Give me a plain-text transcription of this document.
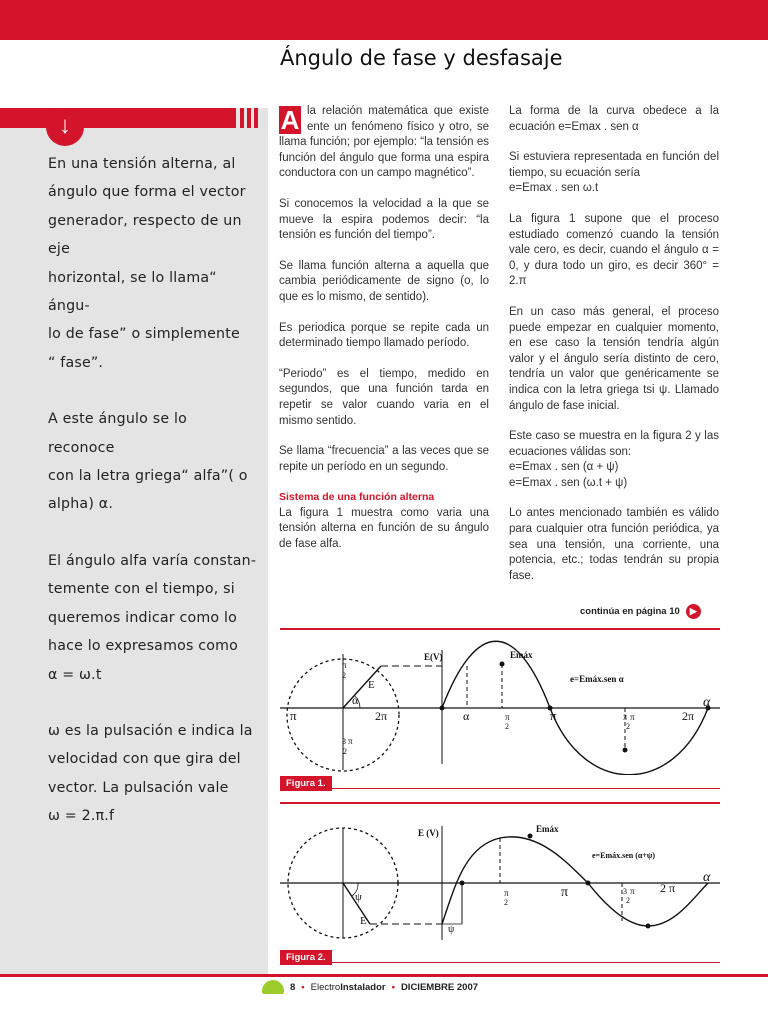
Ángulo de fase y desfasaje
↓

En una tensión alterna, al
ángulo que forma el vector
generador, respecto de un eje
horizontal, se lo llama“ ángu-
lo de fase” o simplemente
“ fase”.

A este ángulo se lo reconoce
con la letra griega“ alfa”( o
alpha) α.

El ángulo alfa varía constan-
temente con el tiempo, si
queremos indicar como lo
hace lo expresamos como
α = ω.t

ω es la pulsación e indica la
velocidad con que gira del
vector. La pulsación vale
ω = 2.π.f

A la relación matemática que existe ente un fenómeno físico y otro, se llama función; por ejemplo: “la tensión es función del ángulo que forma una espira conductora con un campo magnético”.

Si conocemos la velocidad a la que se mueve la espira podemos decir: “la tensión es función del tiempo”.

Se llama función alterna a aquella que cambia periódicamente de signo (o, lo que es lo mismo, de sentido).

Es periodica porque se repite cada un determinado tiempo llamado período.

“Periodo” es el tiempo, medido en segundos, que una función tarda en repetir se valor cuando varia en el mismo sentido.

Se llama “frecuencia” a las veces que se repite un período en un segundo.

Sistema de una función alterna

La figura 1 muestra como varia una tensión alterna en función de su ángulo de fase alfa.

La forma de la curva obedece a la ecuación e=Emax . sen α

Si estuviera representada en función del tiempo, su ecuación sería
e=Emax . sen ω.t

La figura 1 supone que el proceso estudiado comenzó cuando la tensión vale cero, es decir, cuando el ángulo α = 0, y dura todo un giro, es decir 360° = 2.π

En un caso más general, el proceso puede empezar en cualquier momento, en ese caso la tensión tendría algún valor y el ángulo sería distinto de cero, tendría un valor que genéricamente se indica con la letra griega tsi ψ. Llamado ángulo de fase inicial.

Este caso se muestra en la figura 2 y las ecuaciones válidas son:
e=Emax . sen (α + ψ)
e=Emax . sen (ω.t + ψ)

Lo antes mencionado también es válido para cualquier otra función periódica, ya sea una tensión, una corriente, una potencia, etc.; todas tendrán su propia fase.

continúa en página 10	▶
E(V)	Emáx
e=Emáx.sen α
α
α
E
π	2π
π
2
3 π
2
α	π
2
π	3 π
2
2π
Figura 1.
E (V)	Emáx
e=Emáx.sen (α+ψ)
α
ψ
E
ψ
π
2
π	3 π
2
2 π
Figura 2.
8 • ElectroInstalador • DICIEMBRE 2007
